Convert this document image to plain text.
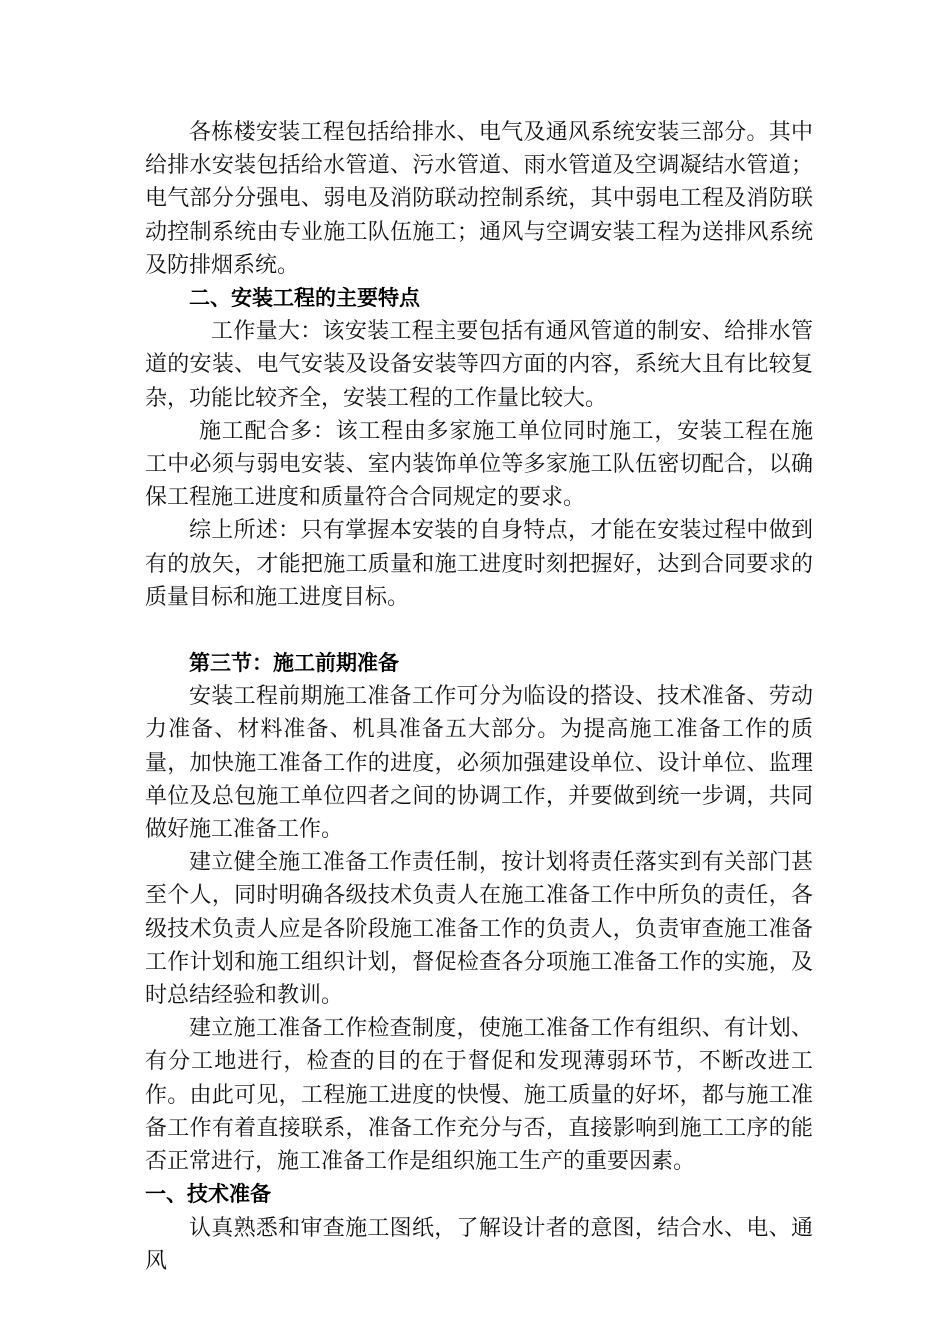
各栋楼安装工程包括给排水、电气及通风系统安装三部分。其中给排水安装包括给水管道、污水管道、雨水管道及空调凝结水管道；电气部分分强电、弱电及消防联动控制系统，其中弱电工程及消防联动控制系统由专业施工队伍施工；通风与空调安装工程为送排风系统及防排烟系统。

二、安装工程的主要特点

工作量大：该安装工程主要包括有通风管道的制安、给排水管道的安装、电气安装及设备安装等四方面的内容，系统大且有比较复杂，功能比较齐全，安装工程的工作量比较大。

施工配合多：该工程由多家施工单位同时施工，安装工程在施工中必须与弱电安装、室内装饰单位等多家施工队伍密切配合，以确保工程施工进度和质量符合合同规定的要求。

综上所述：只有掌握本安装的自身特点，才能在安装过程中做到有的放矢，才能把施工质量和施工进度时刻把握好，达到合同要求的质量目标和施工进度目标。

第三节：施工前期准备

安装工程前期施工准备工作可分为临设的搭设、技术准备、劳动力准备、材料准备、机具准备五大部分。为提高施工准备工作的质量，加快施工准备工作的进度，必须加强建设单位、设计单位、监理单位及总包施工单位四者之间的协调工作，并要做到统一步调，共同做好施工准备工作。

建立健全施工准备工作责任制，按计划将责任落实到有关部门甚至个人，同时明确各级技术负责人在施工准备工作中所负的责任，各级技术负责人应是各阶段施工准备工作的负责人，负责审查施工准备工作计划和施工组织计划，督促检查各分项施工准备工作的实施，及时总结经验和教训。

建立施工准备工作检查制度，使施工准备工作有组织、有计划、有分工地进行，检查的目的在于督促和发现薄弱环节，不断改进工作。由此可见，工程施工进度的快慢、施工质量的好坏，都与施工准备工作有着直接联系，准备工作充分与否，直接影响到施工工序的能否正常进行，施工准备工作是组织施工生产的重要因素。

一、技术准备

认真熟悉和审查施工图纸，了解设计者的意图，结合水、电、通风
